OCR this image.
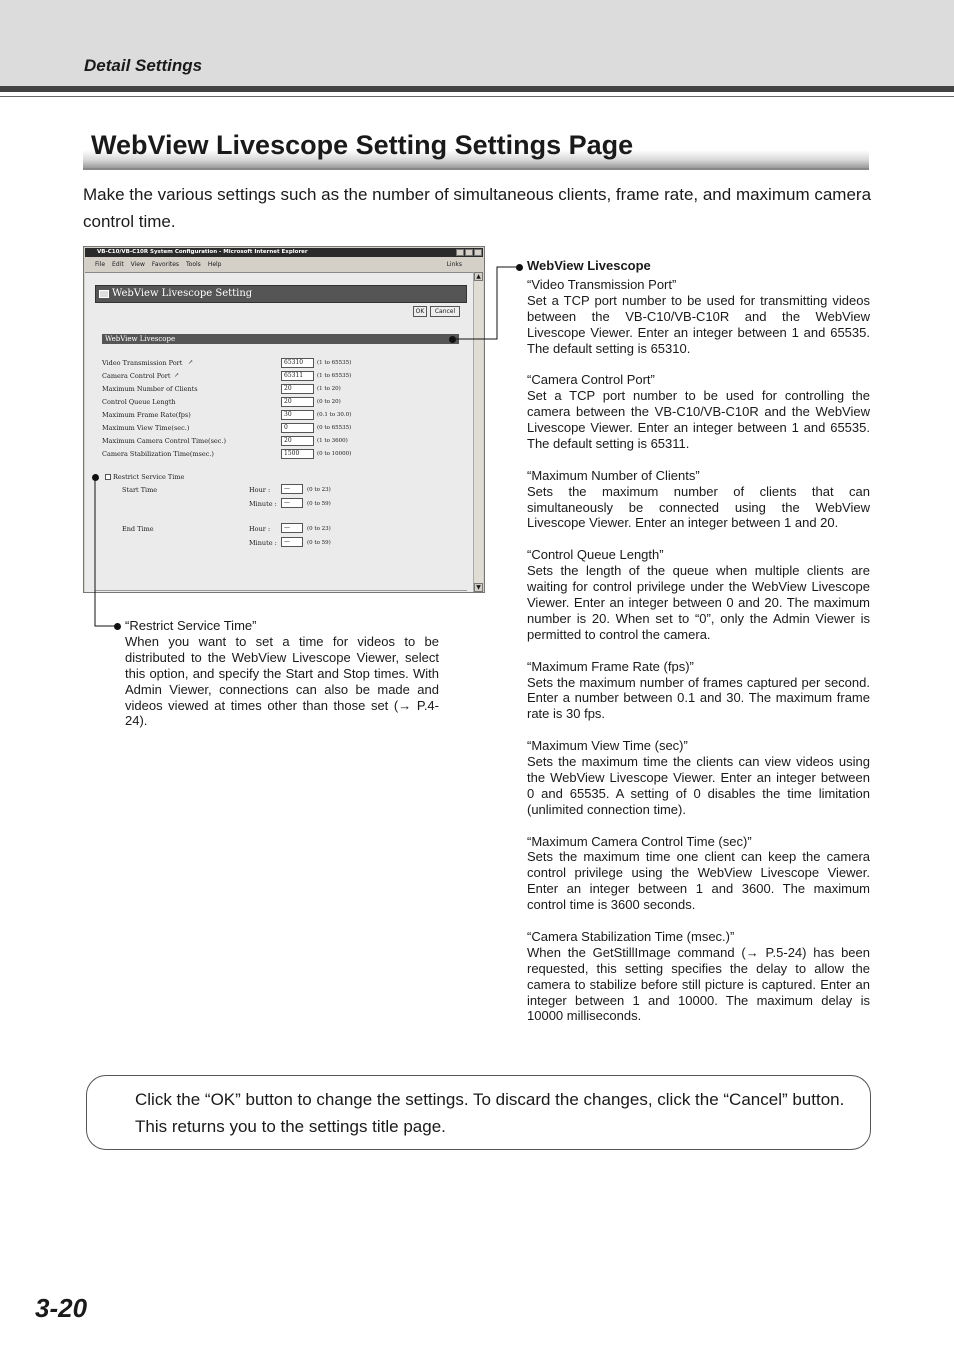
Detail Settings
WebView Livescope Setting Settings Page
Make the various settings such as the number of simultaneous clients, frame rate, and maximum camera control time.
VB-C10/VB-C10R System Configuration - Microsoft Internet Explorer
File Edit View Favorites Tools Help	Links
WebView Livescope Setting
OK	Cancel
WebView Livescope
Video Transmission Port ↗	65310	(1 to 65535)
Camera Control Port ↗	65311	(1 to 65535)
Maximum Number of Clients	20	(1 to 20)
Control Queue Length	20	(0 to 20)
Maximum Frame Rate(fps)	30	(0.1 to 30.0)
Maximum View Time(sec.)	0	(0 to 65535)
Maximum Camera Control Time(sec.)	20	(1 to 3600)
Camera Stabilization Time(msec.)	1500	(0 to 10000)
Restrict Service Time
Start Time	Hour :	—	(0 to 23)
Minute :	—	(0 to 59)
End Time	Hour :	—	(0 to 23)
Minute :	—	(0 to 59)
▲
▼
WebView Livescope
“Video Transmission Port”
Set a TCP port number to be used for transmitting videos between the VB-C10/VB-C10R and the WebView Livescope Viewer. Enter an integer between 1 and 65535. The default setting is 65310.
“Camera Control Port”
Set a TCP port number to be used for controlling the camera between the VB-C10/VB-C10R and the WebView Livescope Viewer. Enter an integer between 1 and 65535. The default setting is 65311.
“Maximum Number of Clients”
Sets the maximum number of clients that can simultaneously be connected using the WebView Livescope Viewer. Enter an integer between 1 and 20.
“Control Queue Length”
Sets the length of the queue when multiple clients are waiting for control privilege under the WebView Livescope Viewer. Enter an integer between 0 and 20. The maximum number is 20. When set to “0”, only the Admin Viewer is permitted to control the camera.
“Maximum Frame Rate (fps)”
Sets the maximum number of frames captured per second. Enter a number between 0.1 and 30. The maximum frame rate is 30 fps.
“Maximum View Time (sec)”
Sets the maximum time the clients can view videos using the WebView Livescope Viewer. Enter an integer between 0 and 65535. A setting of 0 disables the time limitation (unlimited connection time).
“Maximum Camera Control Time (sec)”
Sets the maximum time one client can keep the camera control privilege using the WebView Livescope Viewer. Enter an integer between 1 and 3600. The maximum control time is 3600 seconds.
“Camera Stabilization Time (msec.)”
When the GetStillImage command (→ P.5-24) has been requested, this setting specifies the delay to allow the camera to stabilize before still picture is captured. Enter an integer between 1 and 10000. The maximum delay is 10000 milliseconds.
“Restrict Service Time”
When you want to set a time for videos to be distributed to the WebView Livescope Viewer, select this option, and specify the Start and Stop times. With Admin Viewer, connections can also be made and videos viewed at times other than those set (→ P.4-24).
Click the “OK” button to change the settings. To discard the changes, click the “Cancel” button. This returns you to the settings title page.
3-20
